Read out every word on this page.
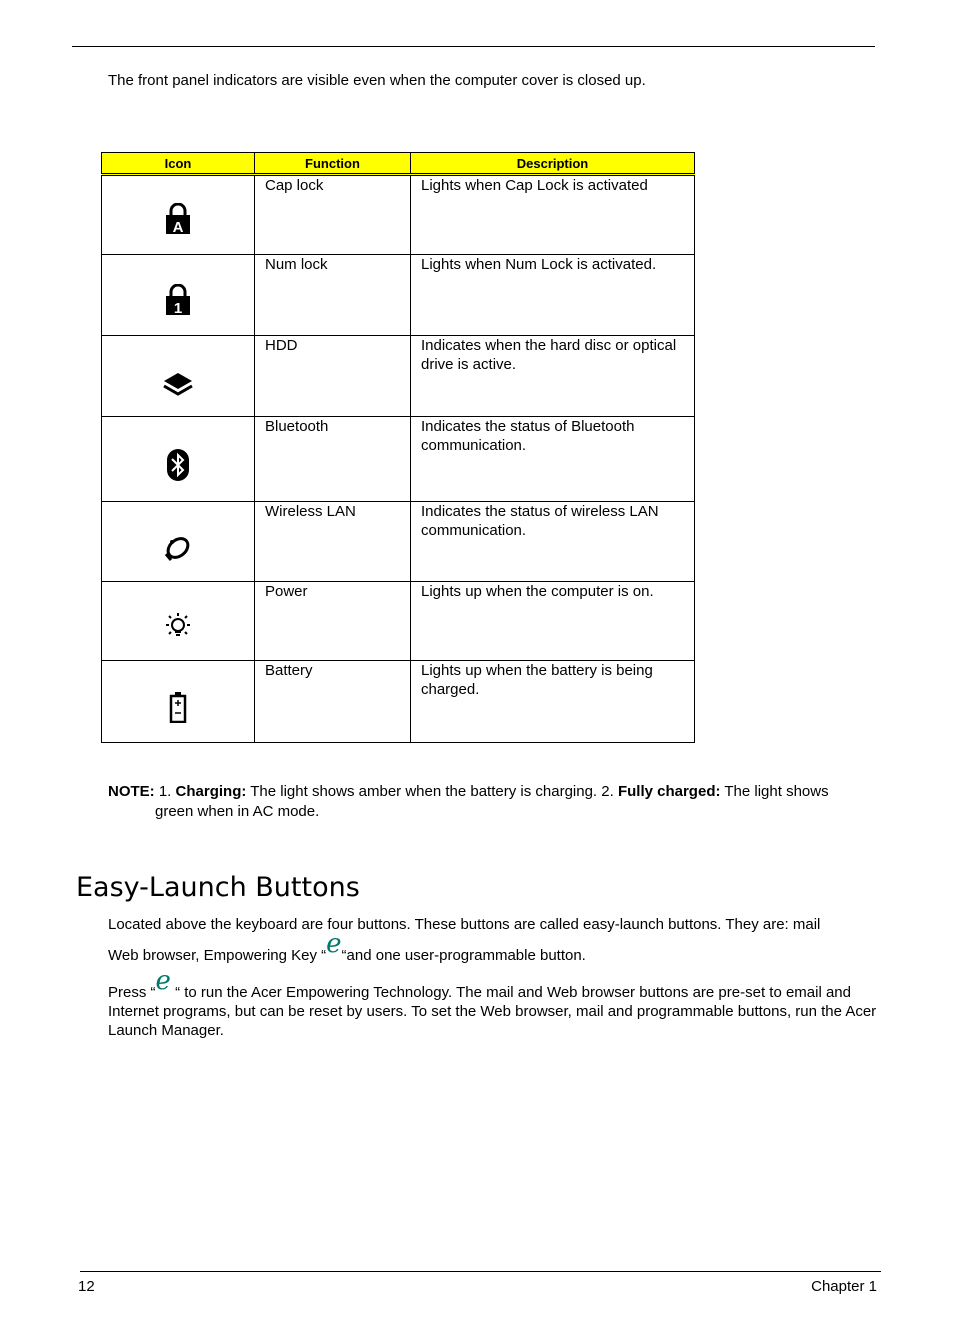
The front panel indicators are visible even when the computer cover is closed up.
Icon	Function	Description

A	Cap lock	Lights when Cap Lock is activated

1	Num lock	Lights when Num Lock is activated.

	HDD	Indicates when the hard disc or optical drive is active.

	Bluetooth	Indicates the status of Bluetooth communication.

	Wireless LAN	Indicates the status of wireless LAN communication.

	Power	Lights up when the computer is on.

	Battery	Lights up when the battery is being charged.
NOTE: 1. Charging: The light shows amber when the battery is charging. 2. Fully charged: The light shows
green when in AC mode.
Easy-Launch Buttons
Located above the keyboard are four buttons. These buttons are called easy-launch buttons. They are: mail
Web browser, Empowering Key “e“and one user-programmable button.
Press “e “ to run the Acer Empowering Technology. The mail and Web browser buttons are pre-set to email and Internet programs, but can be reset by users. To set the Web browser, mail and programmable buttons, run the Acer Launch Manager.
12	Chapter 1
